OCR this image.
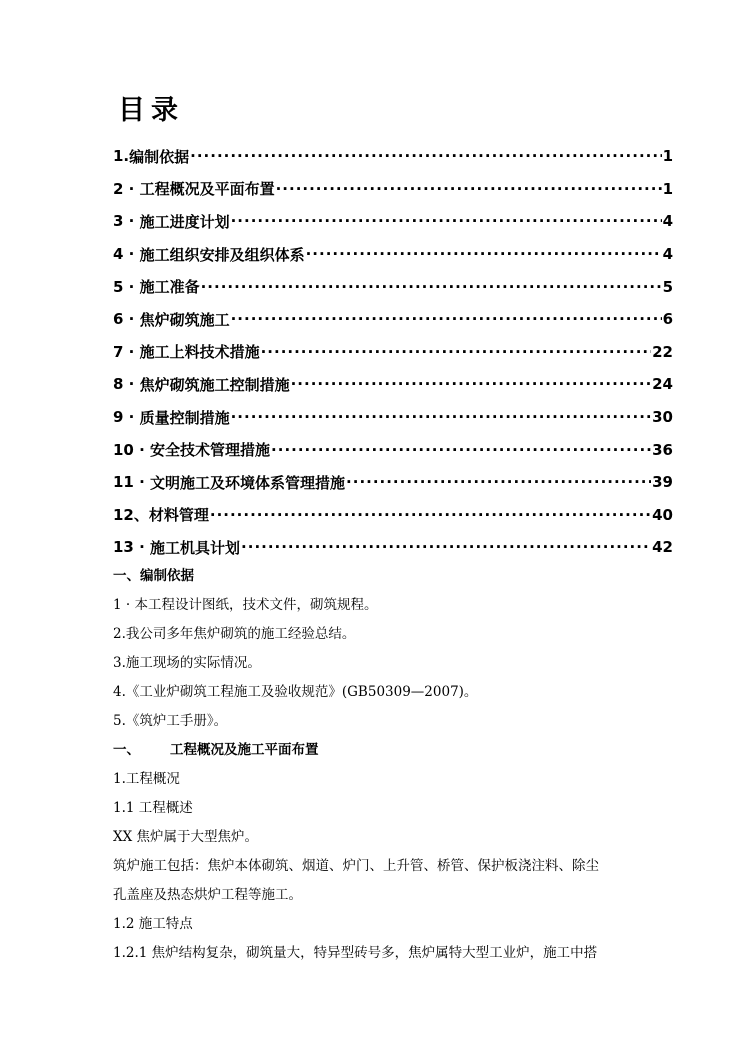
目录
1. 编制依据 ·····	1
2 · 工程概况及平面布置 ·····	1
3 · 施工进度计划 ·····	4
4 · 施工组织安排及组织体系 ·····	4
5 · 施工准备 ·····	5
6 · 焦炉砌筑施工 ·····	6
7 · 施工上料技术措施 ·····	22
8 · 焦炉砌筑施工控制措施 ·····	24
9 · 质量控制措施 ·····	30
10 · 安全技术管理措施 ·····	36
11 · 文明施工及环境体系管理措施 ·····	39
12、 材料管理 ·····	40
13 · 施工机具计划 ·····	42
一、编制依据
1 · 本工程设计图纸，技术文件，砌筑规程。
2.我公司多年焦炉砌筑的施工经验总结。
3.施工现场的实际情况。
4.《工业炉砌筑工程施工及验收规范》(GB50309—2007)。
5.《筑炉工手册》。
一、 工程概况及施工平面布置
1.工程概况
1.1 工程概述
XX 焦炉属于大型焦炉。
筑炉施工包括：焦炉本体砌筑、烟道、炉门、上升管、桥管、保护板浇注料、除尘
孔盖座及热态烘炉工程等施工。
1.2 施工特点
1.2.1 焦炉结构复杂，砌筑量大，特异型砖号多，焦炉属特大型工业炉，施工中搭
